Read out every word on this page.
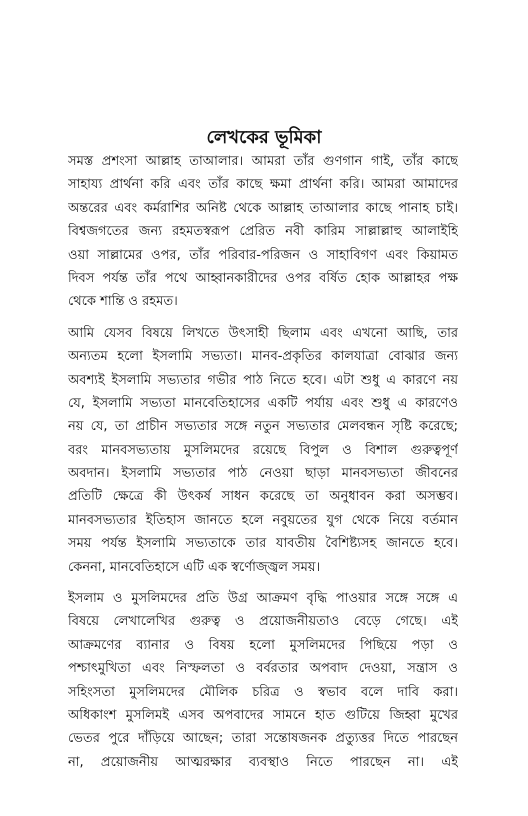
লেখকের ভূমিকা
সমস্ত প্রশংসা আল্লাহ তাআলার। আমরা তাঁর গুণগান গাই, তাঁর কাছে
সাহায্য প্রার্থনা করি এবং তাঁর কাছে ক্ষমা প্রার্থনা করি। আমরা আমাদের
অন্তরের এবং কর্মরাশির অনিষ্ট থেকে আল্লাহ তাআলার কাছে পানাহ চাই।
বিশ্বজগতের জন্য রহমতস্বরূপ প্রেরিত নবী কারিম সাল্লাল্লাহু আলাইহি
ওয়া সাল্লামের ওপর, তাঁর পরিবার-পরিজন ও সাহাবিগণ এবং কিয়ামত
দিবস পর্যন্ত তাঁর পথে আহ্বানকারীদের ওপর বর্ষিত হোক আল্লাহর পক্ষ
থেকে শান্তি ও রহমত।
আমি যেসব বিষয়ে লিখতে উৎসাহী ছিলাম এবং এখনো আছি, তার
অন্যতম হলো ইসলামি সভ্যতা। মানব-প্রকৃতির কালযাত্রা বোঝার জন্য
অবশ্যই ইসলামি সভ্যতার গভীর পাঠ নিতে হবে। এটা শুধু এ কারণে নয়
যে, ইসলামি সভ্যতা মানবেতিহাসের একটি পর্যায় এবং শুধু এ কারণেও
নয় যে, তা প্রাচীন সভ্যতার সঙ্গে নতুন সভ্যতার মেলবন্ধন সৃষ্টি করেছে;
বরং মানবসভ্যতায় মুসলিমদের রয়েছে বিপুল ও বিশাল গুরুত্বপূর্ণ
অবদান। ইসলামি সভ্যতার পাঠ নেওয়া ছাড়া মানবসভ্যতা জীবনের
প্রতিটি ক্ষেত্রে কী উৎকর্ষ সাধন করেছে তা অনুধাবন করা অসম্ভব।
মানবসভ্যতার ইতিহাস জানতে হলে নবুয়তের যুগ থেকে নিয়ে বর্তমান
সময় পর্যন্ত ইসলামি সভ্যতাকে তার যাবতীয় বৈশিষ্ট্যসহ জানতে হবে।
কেননা, মানবেতিহাসে এটি এক স্বর্ণোজ্জ্বল সময়।
ইসলাম ও মুসলিমদের প্রতি উগ্র আক্রমণ বৃদ্ধি পাওয়ার সঙ্গে সঙ্গে এ
বিষয়ে লেখালেখির গুরুত্ব ও প্রয়োজনীয়তাও বেড়ে গেছে। এই
আক্রমণের ব্যানার ও বিষয় হলো মুসলিমদের পিছিয়ে পড়া ও
পশ্চাৎমুখিতা এবং নিস্ফলতা ও বর্বরতার অপবাদ দেওয়া, সন্ত্রাস ও
সহিংসতা মুসলিমদের মৌলিক চরিত্র ও স্বভাব বলে দাবি করা।
অধিকাংশ মুসলিমই এসব অপবাদের সামনে হাত গুটিয়ে জিহ্বা মুখের
ভেতর পুরে দাঁড়িয়ে আছেন; তারা সন্তোষজনক প্রত্যুত্তর দিতে পারছেন
না, প্রয়োজনীয় আত্মরক্ষার ব্যবস্থাও নিতে পারছেন না। এই
